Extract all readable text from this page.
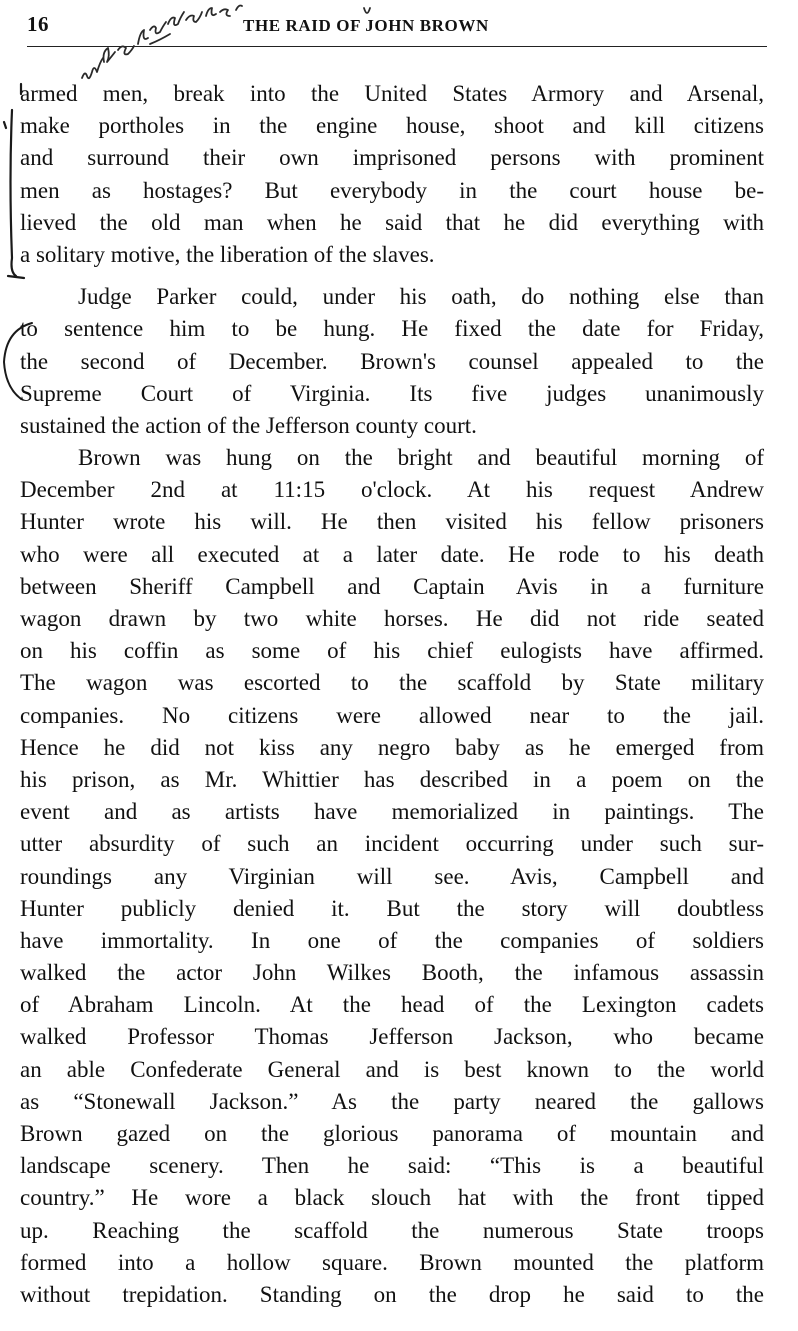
16	THE RAID OF JOHN BROWN
armed men, break into the United States Armory and Arsenal,
make portholes in the engine house, shoot and kill citizens
and surround their own imprisoned persons with prominent
men as hostages? But everybody in the court house be-
lieved the old man when he said that he did everything with
a solitary motive, the liberation of the slaves.
Judge Parker could, under his oath, do nothing else than
to sentence him to be hung. He fixed the date for Friday,
the second of December. Brown's counsel appealed to the
Supreme Court of Virginia. Its five judges unanimously
sustained the action of the Jefferson county court.
Brown was hung on the bright and beautiful morning of
December 2nd at 11:15 o'clock. At his request Andrew
Hunter wrote his will. He then visited his fellow prisoners
who were all executed at a later date. He rode to his death
between Sheriff Campbell and Captain Avis in a furniture
wagon drawn by two white horses. He did not ride seated
on his coffin as some of his chief eulogists have affirmed.
The wagon was escorted to the scaffold by State military
companies. No citizens were allowed near to the jail.
Hence he did not kiss any negro baby as he emerged from
his prison, as Mr. Whittier has described in a poem on the
event and as artists have memorialized in paintings. The
utter absurdity of such an incident occurring under such sur-
roundings any Virginian will see. Avis, Campbell and
Hunter publicly denied it. But the story will doubtless
have immortality. In one of the companies of soldiers
walked the actor John Wilkes Booth, the infamous assassin
of Abraham Lincoln. At the head of the Lexington cadets
walked Professor Thomas Jefferson Jackson, who became
an able Confederate General and is best known to the world
as “Stonewall Jackson.” As the party neared the gallows
Brown gazed on the glorious panorama of mountain and
landscape scenery. Then he said: “This is a beautiful
country.” He wore a black slouch hat with the front tipped
up. Reaching the scaffold the numerous State troops
formed into a hollow square. Brown mounted the platform
without trepidation. Standing on the drop he said to the
